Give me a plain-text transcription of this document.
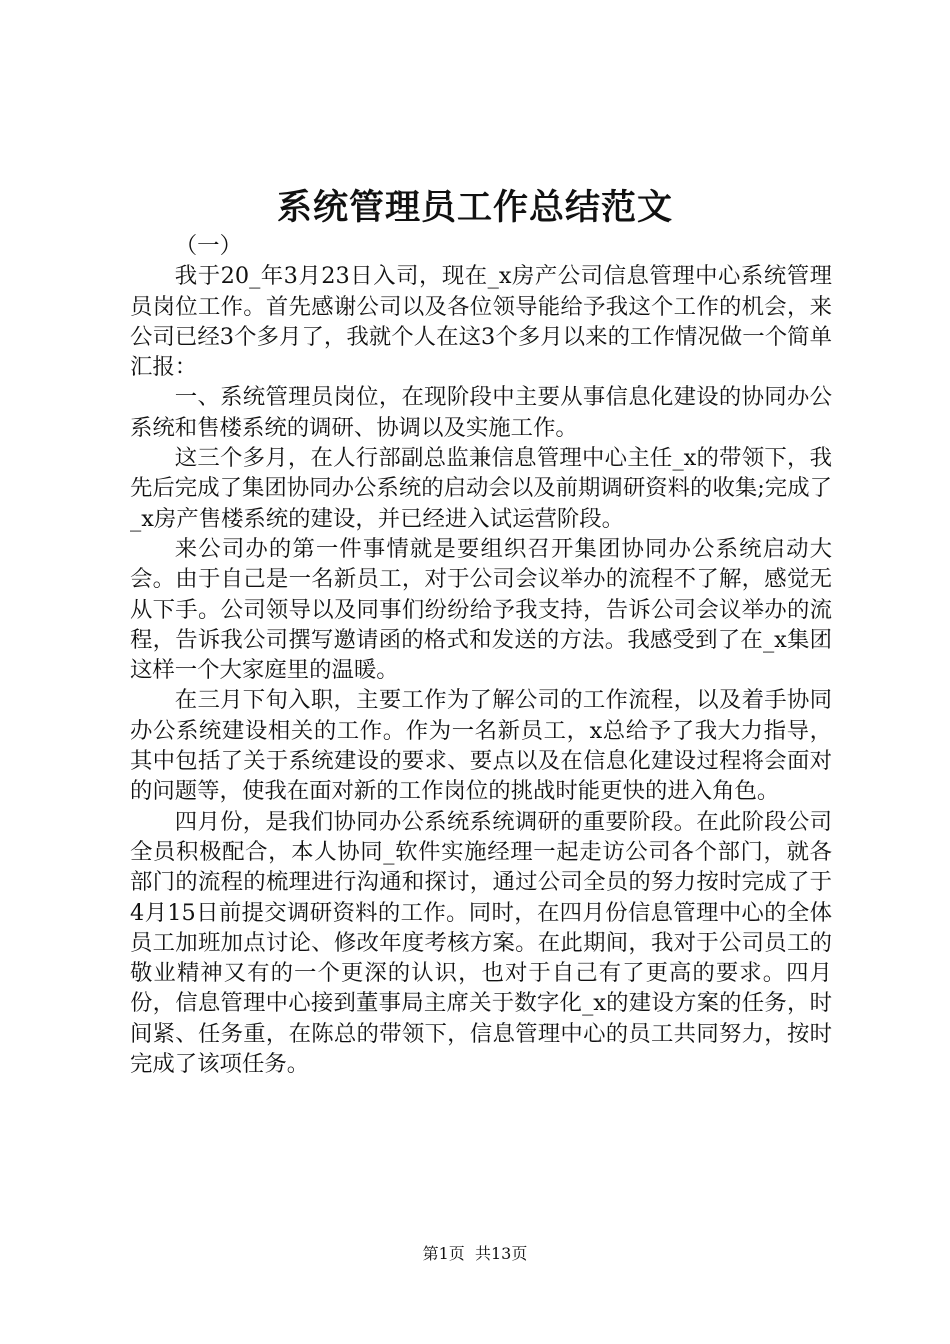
系统管理员工作总结范文

（一）

我于20_年3月23日入司，现在_x房产公司信息管理中心系统管理员岗位工作。首先感谢公司以及各位领导能给予我这个工作的机会，来公司已经3个多月了，我就个人在这3个多月以来的工作情况做一个简单汇报：

一、系统管理员岗位，在现阶段中主要从事信息化建设的协同办公系统和售楼系统的调研、协调以及实施工作。

这三个多月，在人行部副总监兼信息管理中心主任_x的带领下，我先后完成了集团协同办公系统的启动会以及前期调研资料的收集;完成了_x房产售楼系统的建设，并已经进入试运营阶段。

来公司办的第一件事情就是要组织召开集团协同办公系统启动大会。由于自己是一名新员工，对于公司会议举办的流程不了解，感觉无从下手。公司领导以及同事们纷纷给予我支持，告诉公司会议举办的流程，告诉我公司撰写邀请函的格式和发送的方法。我感受到了在_x集团这样一个大家庭里的温暖。

在三月下旬入职，主要工作为了解公司的工作流程，以及着手协同办公系统建设相关的工作。作为一名新员工，x总给予了我大力指导，其中包括了关于系统建设的要求、要点以及在信息化建设过程将会面对的问题等，使我在面对新的工作岗位的挑战时能更快的进入角色。

四月份，是我们协同办公系统系统调研的重要阶段。在此阶段公司全员积极配合，本人协同_软件实施经理一起走访公司各个部门，就各部门的流程的梳理进行沟通和探讨，通过公司全员的努力按时完成了于4月15日前提交调研资料的工作。同时，在四月份信息管理中心的全体员工加班加点讨论、修改年度考核方案。在此期间，我对于公司员工的敬业精神又有的一个更深的认识，也对于自己有了更高的要求。四月份，信息管理中心接到董事局主席关于数字化_x的建设方案的任务，时间紧、任务重，在陈总的带领下，信息管理中心的员工共同努力，按时完成了该项任务。

第1页 共13页
